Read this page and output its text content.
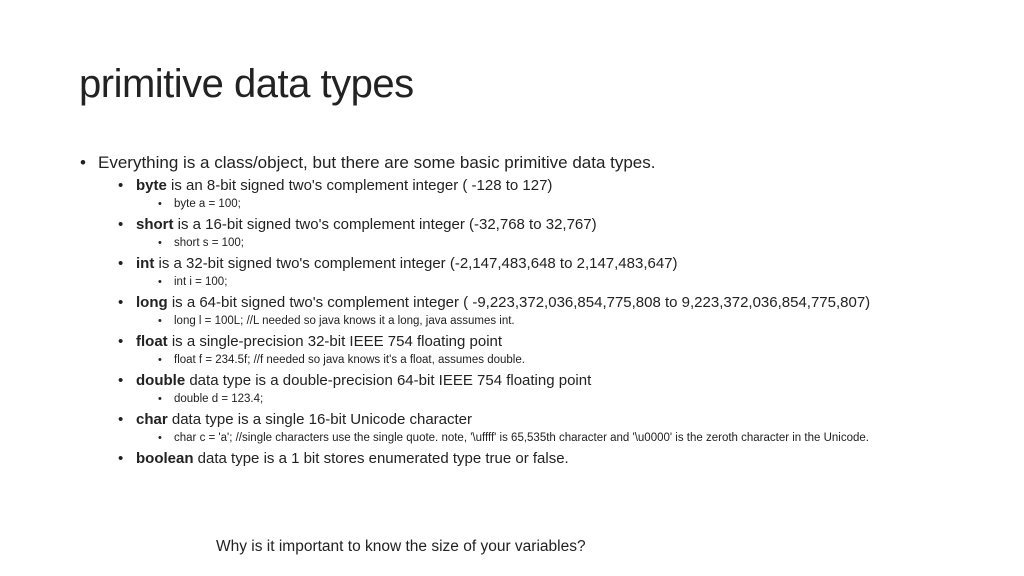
primitive data types
• Everything is a class/object, but there are some basic primitive data types.
• byte is an 8-bit signed two's complement integer ( -128 to 127)
• byte a = 100;
• short is a 16-bit signed two's complement integer (-32,768 to 32,767)
• short s = 100;
• int is a 32-bit signed two's complement integer (-2,147,483,648 to 2,147,483,647)
• int i = 100;
• long is a 64-bit signed two's complement integer ( -9,223,372,036,854,775,808 to 9,223,372,036,854,775,807)
• long l = 100L; //L needed so java knows it a long, java assumes int.
• float is a single-precision 32-bit IEEE 754 floating point
• float f = 234.5f; //f needed so java knows it's a float, assumes double.
• double data type is a double-precision 64-bit IEEE 754 floating point
• double d = 123.4;
• char data type is a single 16-bit Unicode character
• char c = 'a'; //single characters use the single quote. note, '\uffff' is 65,535th character and '\u0000' is the zeroth character in the Unicode.
• boolean data type is a 1 bit stores enumerated type true or false.
Why is it important to know the size of your variables?
